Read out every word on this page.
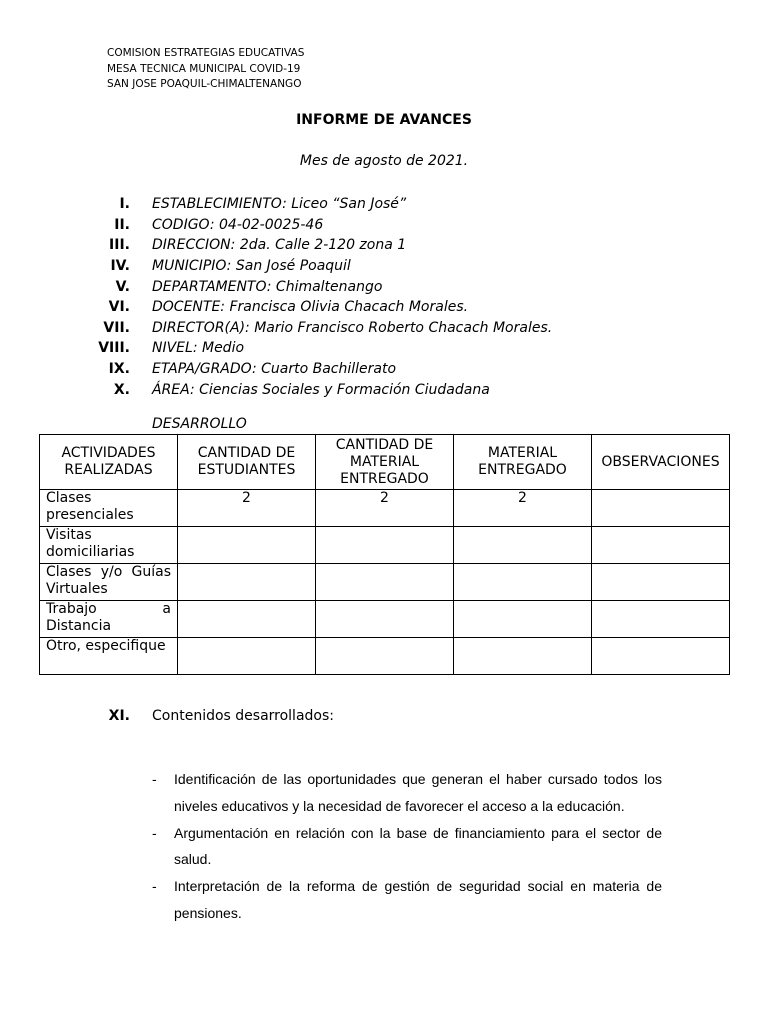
COMISION ESTRATEGIAS EDUCATIVAS
MESA TECNICA MUNICIPAL COVID-19
SAN JOSE POAQUIL-CHIMALTENANGO
INFORME DE AVANCES
Mes de agosto de 2021.
I.	ESTABLECIMIENTO: Liceo “San José”
II.	CODIGO: 04-02-0025-46
III.	DIRECCION: 2da. Calle 2-120 zona 1
IV.	MUNICIPIO: San José Poaquil
V.	DEPARTAMENTO: Chimaltenango
VI.	DOCENTE: Francisca Olivia Chacach Morales.
VII.	DIRECTOR(A): Mario Francisco Roberto Chacach Morales.
VIII.	NIVEL: Medio
IX.	ETAPA/GRADO: Cuarto Bachillerato
X.	ÁREA: Ciencias Sociales y Formación Ciudadana
DESARROLLO
ACTIVIDADES REALIZADAS	CANTIDAD DE ESTUDIANTES	CANTIDAD DE MATERIAL ENTREGADO	MATERIAL ENTREGADO	OBSERVACIONES
Clases presenciales	2	2	2	
Visitas domiciliarias				
Clases y/o Guías Virtuales				
Trabajo a Distancia				
Otro, especifique				
XI.	Contenidos desarrollados:
-	Identificación de las oportunidades que generan el haber cursado todos los niveles educativos y la necesidad de favorecer el acceso a la educación.
-	Argumentación en relación con la base de financiamiento para el sector de salud.
-	Interpretación de la reforma de gestión de seguridad social en materia de pensiones.
